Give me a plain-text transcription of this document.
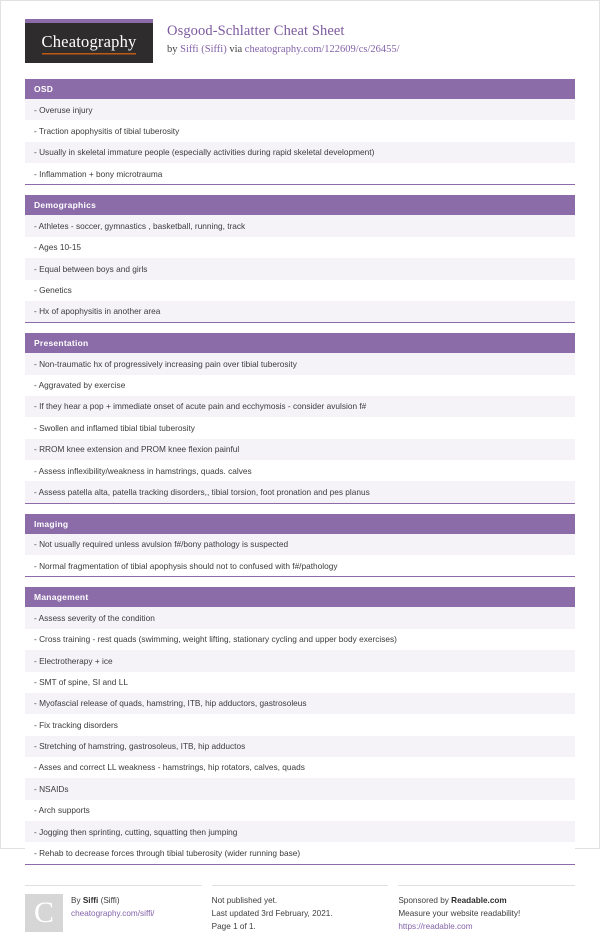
Cheatography
Osgood-Schlatter Cheat Sheet
by Siffi (Siffi) via cheatography.com/122609/cs/26455/
OSD
- Overuse injury
- Traction apophysitis of tibial tuberosity
- Usually in skeletal immature people (especially activities during rapid skeletal development)
- Inflammation + bony microtrauma
Demographics
- Athletes - soccer, gymnastics , basketball, running, track
- Ages 10-15
- Equal between boys and girls
- Genetics
- Hx of apophysitis in another area
Presentation
- Non-traumatic hx of progressively increasing pain over tibial tuberosity
- Aggravated by exercise
- If they hear a pop + immediate onset of acute pain and ecchymosis - consider avulsion f#
- Swollen and inflamed tibial tibial tuberosity
- RROM knee extension and PROM knee flexion painful
- Assess inflexibility/weakness in hamstrings, quads. calves
- Assess patella alta, patella tracking disorders,, tibial torsion, foot pronation and pes planus
Imaging
- Not usually required unless avulsion f#/bony pathology is suspected
- Normal fragmentation of tibial apophysis should not to confused with f#/pathology
Management
- Assess severity of the condition
- Cross training - rest quads (swimming, weight lifting, stationary cycling and upper body exercises)
- Electrotherapy + ice
- SMT of spine, SI and LL
- Myofascial release of quads, hamstring, ITB, hip adductors, gastrosoleus
- Fix tracking disorders
- Stretching of hamstring, gastrosoleus, ITB, hip adductos
- Asses and correct LL weakness - hamstrings, hip rotators, calves, quads
- NSAIDs
- Arch supports
- Jogging then sprinting, cutting, squatting then jumping
- Rehab to decrease forces through tibial tuberosity (wider running base)
C	By Siffi (Siffi)
cheatography.com/siffi/
Not published yet.
Last updated 3rd February, 2021.
Page 1 of 1.
Sponsored by Readable.com
Measure your website readability!
https://readable.com
